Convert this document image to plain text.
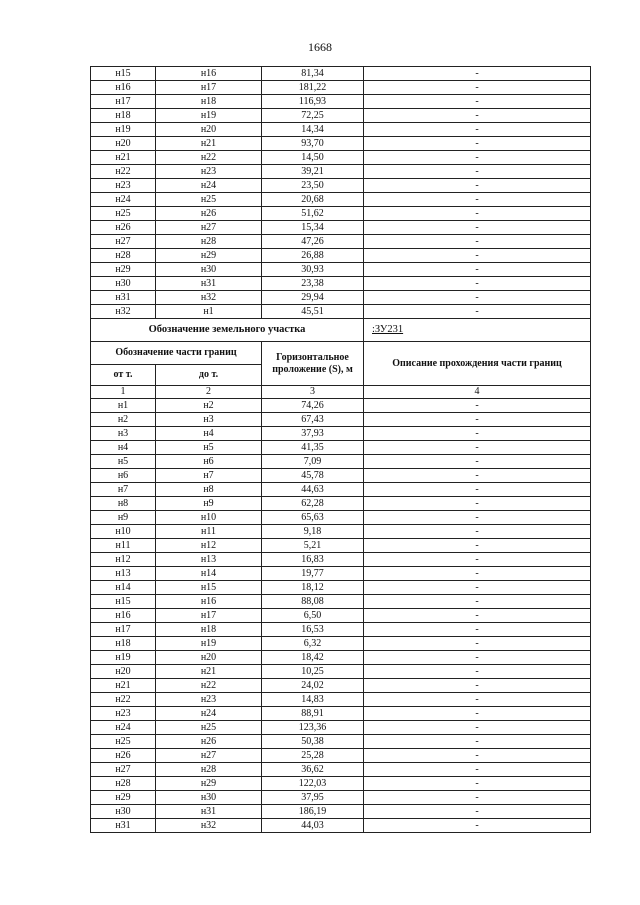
1668
н15	н16	81,34	-
н16	н17	181,22	-
н17	н18	116,93	-
н18	н19	72,25	-
н19	н20	14,34	-
н20	н21	93,70	-
н21	н22	14,50	-
н22	н23	39,21	-
н23	н24	23,50	-
н24	н25	20,68	-
н25	н26	51,62	-
н26	н27	15,34	-
н27	н28	47,26	-
н28	н29	26,88	-
н29	н30	30,93	-
н30	н31	23,38	-
н31	н32	29,94	-
н32	н1	45,51	-
Обозначение земельного участка			:ЗУ231
Обозначение части границ		Горизонтальное проложение (S), м	Описание прохождения части границ
от т.	до т.		
1	2	3	4
н1	н2	74,26	-
н2	н3	67,43	-
н3	н4	37,93	-
н4	н5	41,35	-
н5	н6	7,09	-
н6	н7	45,78	-
н7	н8	44,63	-
н8	н9	62,28	-
н9	н10	65,63	-
н10	н11	9,18	-
н11	н12	5,21	-
н12	н13	16,83	-
н13	н14	19,77	-
н14	н15	18,12	-
н15	н16	88,08	-
н16	н17	6,50	-
н17	н18	16,53	-
н18	н19	6,32	-
н19	н20	18,42	-
н20	н21	10,25	-
н21	н22	24,02	-
н22	н23	14,83	-
н23	н24	88,91	-
н24	н25	123,36	-
н25	н26	50,38	-
н26	н27	25,28	-
н27	н28	36,62	-
н28	н29	122,03	-
н29	н30	37,95	-
н30	н31	186,19	-
н31	н32	44,03	-
